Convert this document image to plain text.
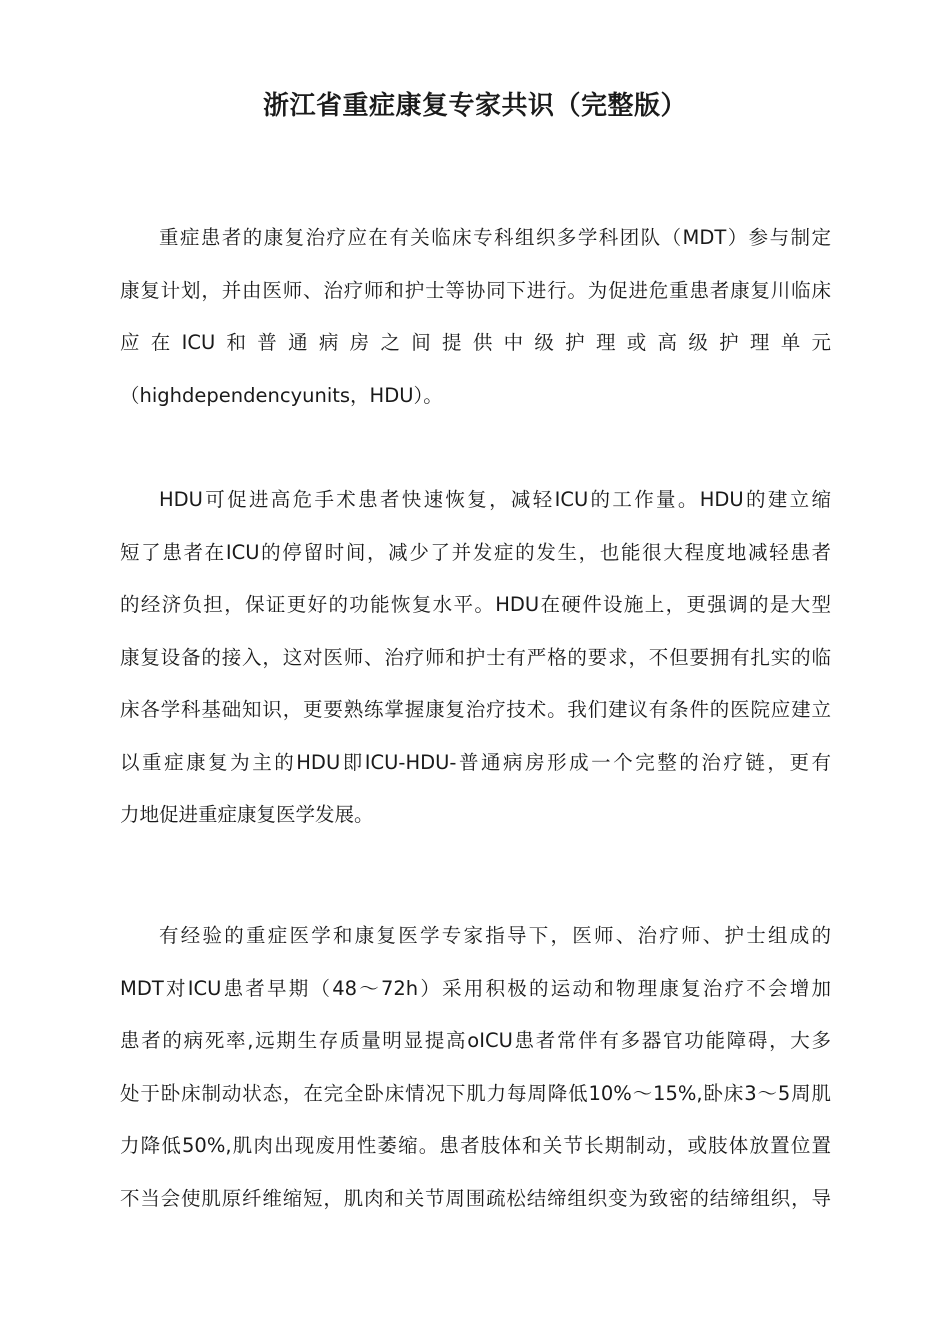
浙江省重症康复专家共识（完整版）

重症患者的康复治疗应在有关临床专科组织多学科团队（MDT）参与制定
康复计划，并由医师、治疗师和护士等协同下进行。为促进危重患者康复川临床
应在ICU和普通病房之间提供中级护理或高级护理单元
（highdependencyunits，HDU）。

HDU可促进高危手术患者快速恢复，减轻ICU的工作量。HDU的建立缩
短了患者在ICU的停留时间，减少了并发症的发生，也能很大程度地减轻患者
的经济负担，保证更好的功能恢复水平。HDU在硬件设施上，更强调的是大型
康复设备的接入，这对医师、治疗师和护士有严格的要求，不但要拥有扎实的临
床各学科基础知识，更要熟练掌握康复治疗技术。我们建议有条件的医院应建立
以重症康复为主的HDU即ICU-HDU-普通病房形成一个完整的治疗链，更有
力地促进重症康复医学发展。

有经验的重症医学和康复医学专家指导下，医师、治疗师、护士组成的
MDT对ICU患者早期（48～72h）采用积极的运动和物理康复治疗不会增加
患者的病死率,远期生存质量明显提高oICU患者常伴有多器官功能障碍，大多
处于卧床制动状态，在完全卧床情况下肌力每周降低10%～15%,卧床3～5周肌
力降低50%,肌肉出现废用性萎缩。患者肢体和关节长期制动，或肢体放置位置
不当会使肌原纤维缩短，肌肉和关节周围疏松结缔组织变为致密的结缔组织，导
